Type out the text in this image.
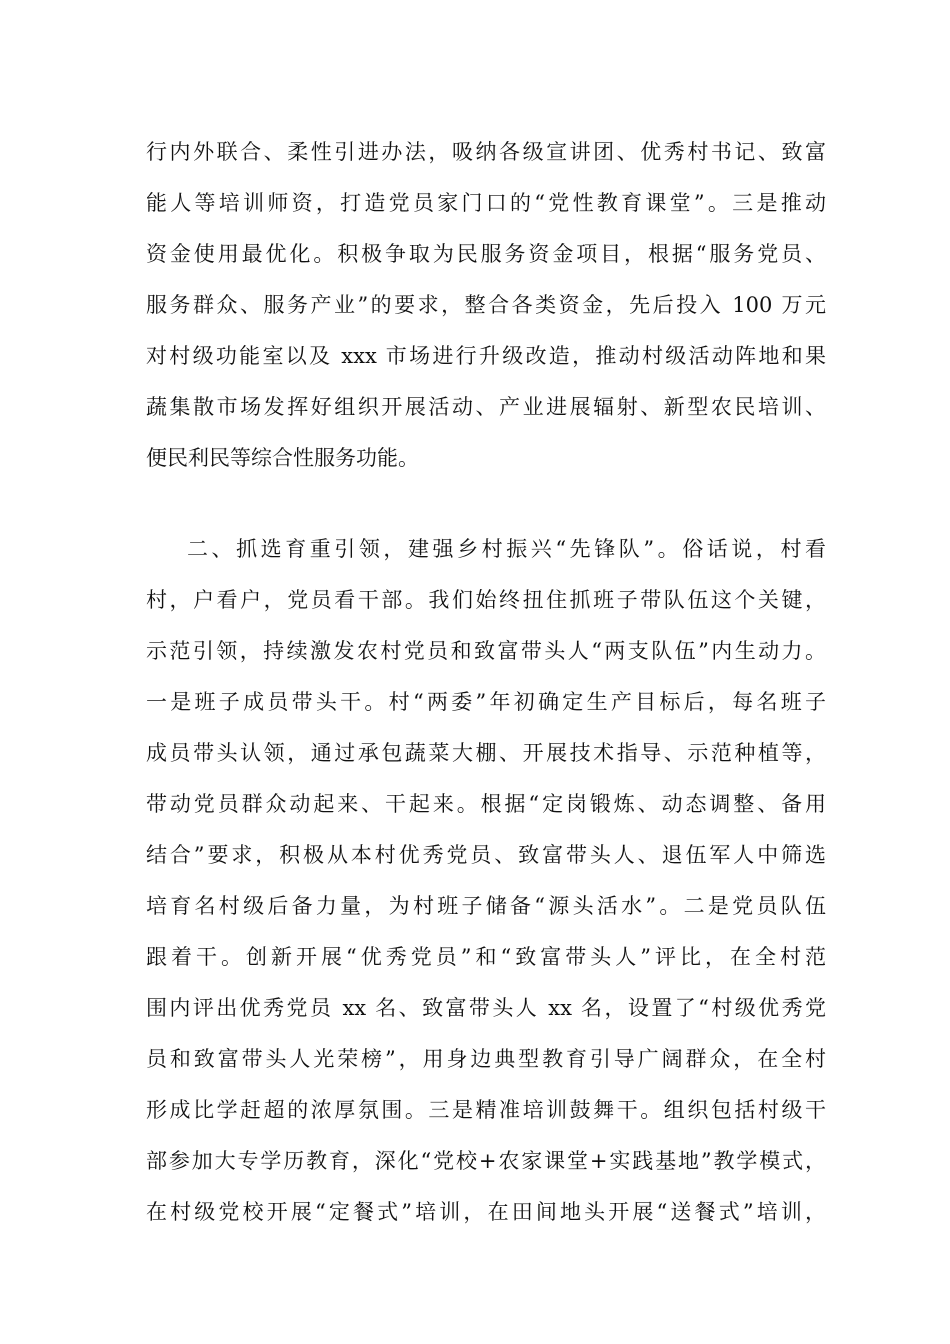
行内外联合、柔性引进办法，吸纳各级宣讲团、优秀村书记、致富
能人等培训师资，打造党员家门口的“党性教育课堂”。三是推动
资金使用最优化。积极争取为民服务资金项目，根据“服务党员、
服务群众、服务产业”的要求，整合各类资金，先后投入 100 万元
对村级功能室以及 xxx 市场进行升级改造，推动村级活动阵地和果
蔬集散市场发挥好组织开展活动、产业进展辐射、新型农民培训、
便民利民等综合性服务功能。
二、抓选育重引领，建强乡村振兴“先锋队”。俗话说，村看
村，户看户，党员看干部。我们始终扭住抓班子带队伍这个关键，
示范引领，持续激发农村党员和致富带头人“两支队伍”内生动力。
一是班子成员带头干。村“两委”年初确定生产目标后，每名班子
成员带头认领，通过承包蔬菜大棚、开展技术指导、示范种植等，
带动党员群众动起来、干起来。根据“定岗锻炼、动态调整、备用
结合”要求，积极从本村优秀党员、致富带头人、退伍军人中筛选
培育名村级后备力量，为村班子储备“源头活水”。二是党员队伍
跟着干。创新开展“优秀党员”和“致富带头人”评比，在全村范
围内评出优秀党员 xx 名、致富带头人 xx 名，设置了“村级优秀党
员和致富带头人光荣榜”，用身边典型教育引导广阔群众，在全村
形成比学赶超的浓厚氛围。三是精准培训鼓舞干。组织包括村级干
部参加大专学历教育，深化“党校+农家课堂+实践基地”教学模式，
在村级党校开展“定餐式”培训，在田间地头开展“送餐式”培训，
